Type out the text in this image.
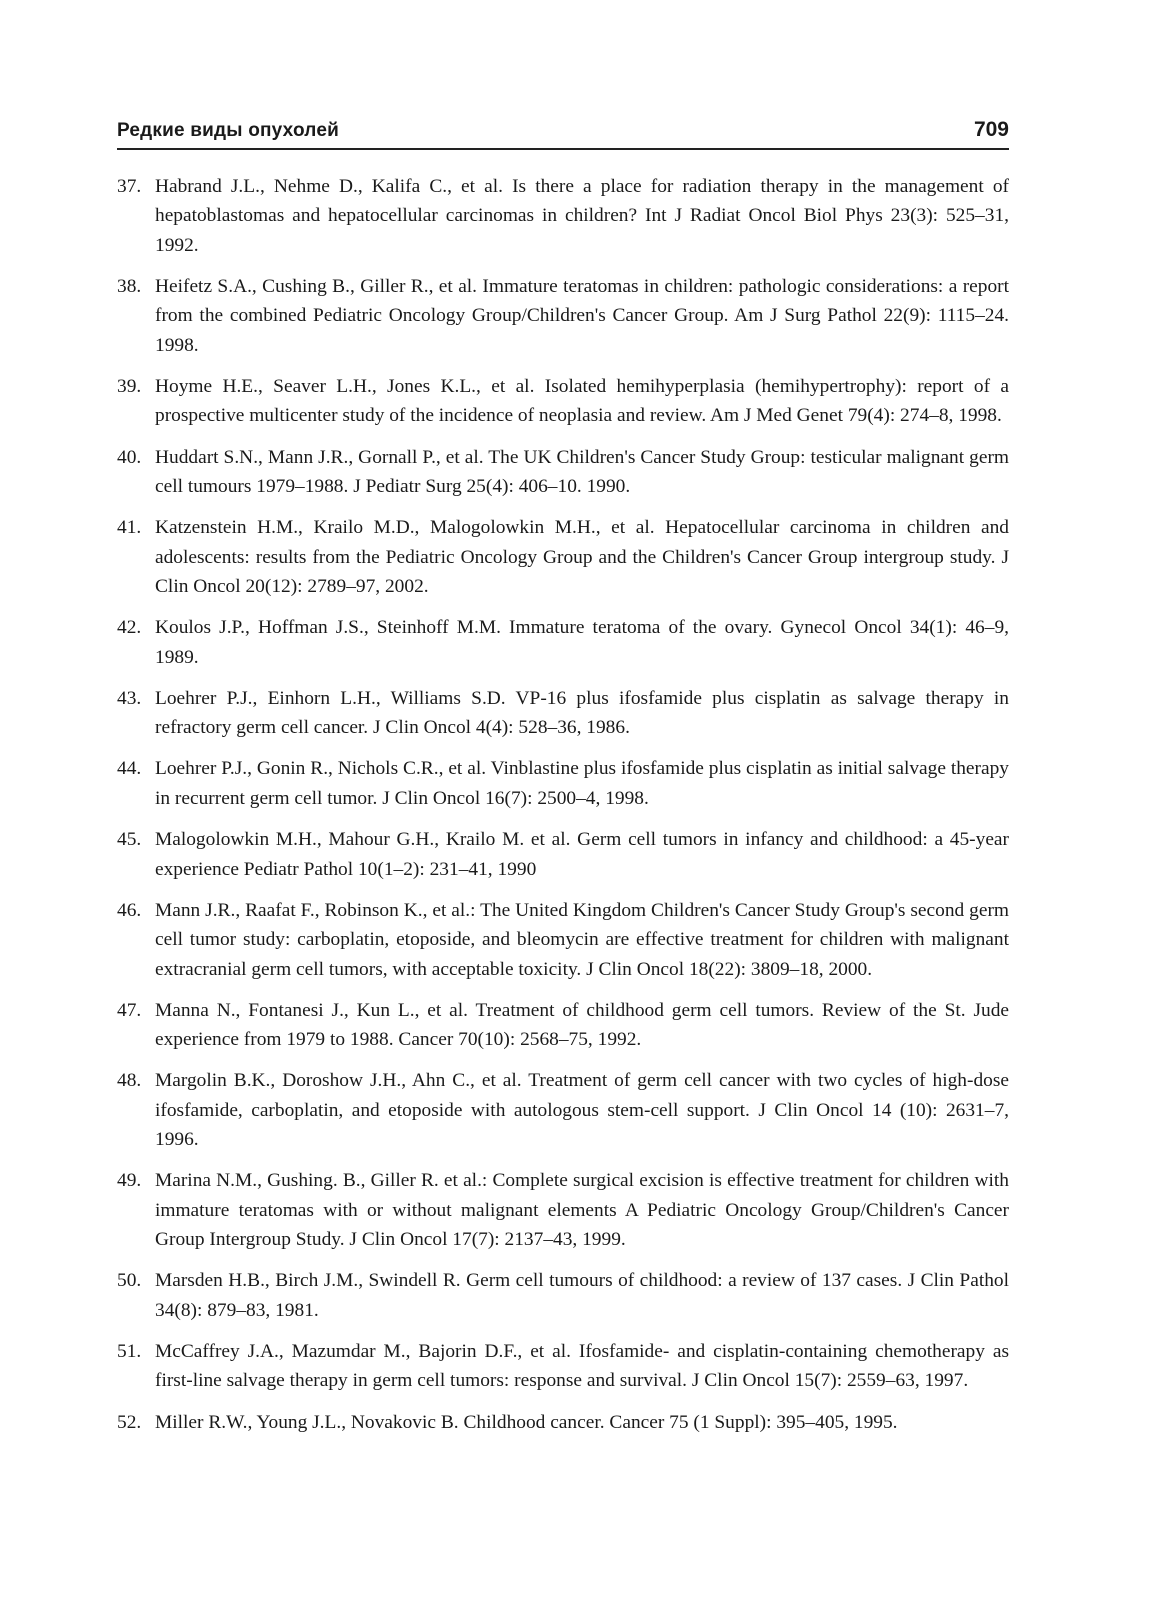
Редкие виды опухолей	709
37. Habrand J.L., Nehme D., Kalifa C., et al. Is there a place for radiation therapy in the management of hepatoblastomas and hepatocellular carcinomas in children? Int J Radiat Oncol Biol Phys 23(3): 525–31, 1992.
38. Heifetz S.A., Cushing B., Giller R., et al. Immature teratomas in children: pathologic considerations: a report from the combined Pediatric Oncology Group/Children's Cancer Group. Am J Surg Pathol 22(9): 1115–24. 1998.
39. Hoyme H.E., Seaver L.H., Jones K.L., et al. Isolated hemihyperplasia (hemihypertrophy): report of a prospective multicenter study of the incidence of neoplasia and review. Am J Med Genet 79(4): 274–8, 1998.
40. Huddart S.N., Mann J.R., Gornall P., et al. The UK Children's Cancer Study Group: testicular malignant germ cell tumours 1979–1988. J Pediatr Surg 25(4): 406–10. 1990.
41. Katzenstein H.M., Krailo M.D., Malogolowkin M.H., et al. Hepatocellular carcinoma in children and adolescents: results from the Pediatric Oncology Group and the Children's Cancer Group intergroup study. J Clin Oncol 20(12): 2789–97, 2002.
42. Koulos J.P., Hoffman J.S., Steinhoff M.M. Immature teratoma of the ovary. Gynecol Oncol 34(1): 46–9, 1989.
43. Loehrer P.J., Einhorn L.H., Williams S.D. VP-16 plus ifosfamide plus cisplatin as salvage therapy in refractory germ cell cancer. J Clin Oncol 4(4): 528–36, 1986.
44. Loehrer P.J., Gonin R., Nichols C.R., et al. Vinblastine plus ifosfamide plus cisplatin as initial salvage therapy in recurrent germ cell tumor. J Clin Oncol 16(7): 2500–4, 1998.
45. Malogolowkin M.H., Mahour G.H., Krailo M. et al. Germ cell tumors in infancy and childhood: a 45-year experience Pediatr Pathol 10(1–2): 231–41, 1990
46. Mann J.R., Raafat F., Robinson K., et al.: The United Kingdom Children's Cancer Study Group's second germ cell tumor study: carboplatin, etoposide, and bleomycin are effective treatment for children with malignant extracranial germ cell tumors, with acceptable toxicity. J Clin Oncol 18(22): 3809–18, 2000.
47. Manna N., Fontanesi J., Kun L., et al. Treatment of childhood germ cell tumors. Review of the St. Jude experience from 1979 to 1988. Cancer 70(10): 2568–75, 1992.
48. Margolin B.K., Doroshow J.H., Ahn C., et al. Treatment of germ cell cancer with two cycles of high-dose ifosfamide, carboplatin, and etoposide with autologous stem-cell support. J Clin Oncol 14 (10): 2631–7, 1996.
49. Marina N.M., Gushing. B., Giller R. et al.: Complete surgical excision is effective treatment for children with immature teratomas with or without malignant elements A Pediatric Oncology Group/Children's Cancer Group Intergroup Study. J Clin Oncol 17(7): 2137–43, 1999.
50. Marsden H.B., Birch J.M., Swindell R. Germ cell tumours of childhood: a review of 137 cases. J Clin Pathol 34(8): 879–83, 1981.
51. McCaffrey J.A., Mazumdar M., Bajorin D.F., et al. Ifosfamide- and cisplatin-containing chemotherapy as first-line salvage therapy in germ cell tumors: response and survival. J Clin Oncol 15(7): 2559–63, 1997.
52. Miller R.W., Young J.L., Novakovic B. Childhood cancer. Cancer 75 (1 Suppl): 395–405, 1995.
